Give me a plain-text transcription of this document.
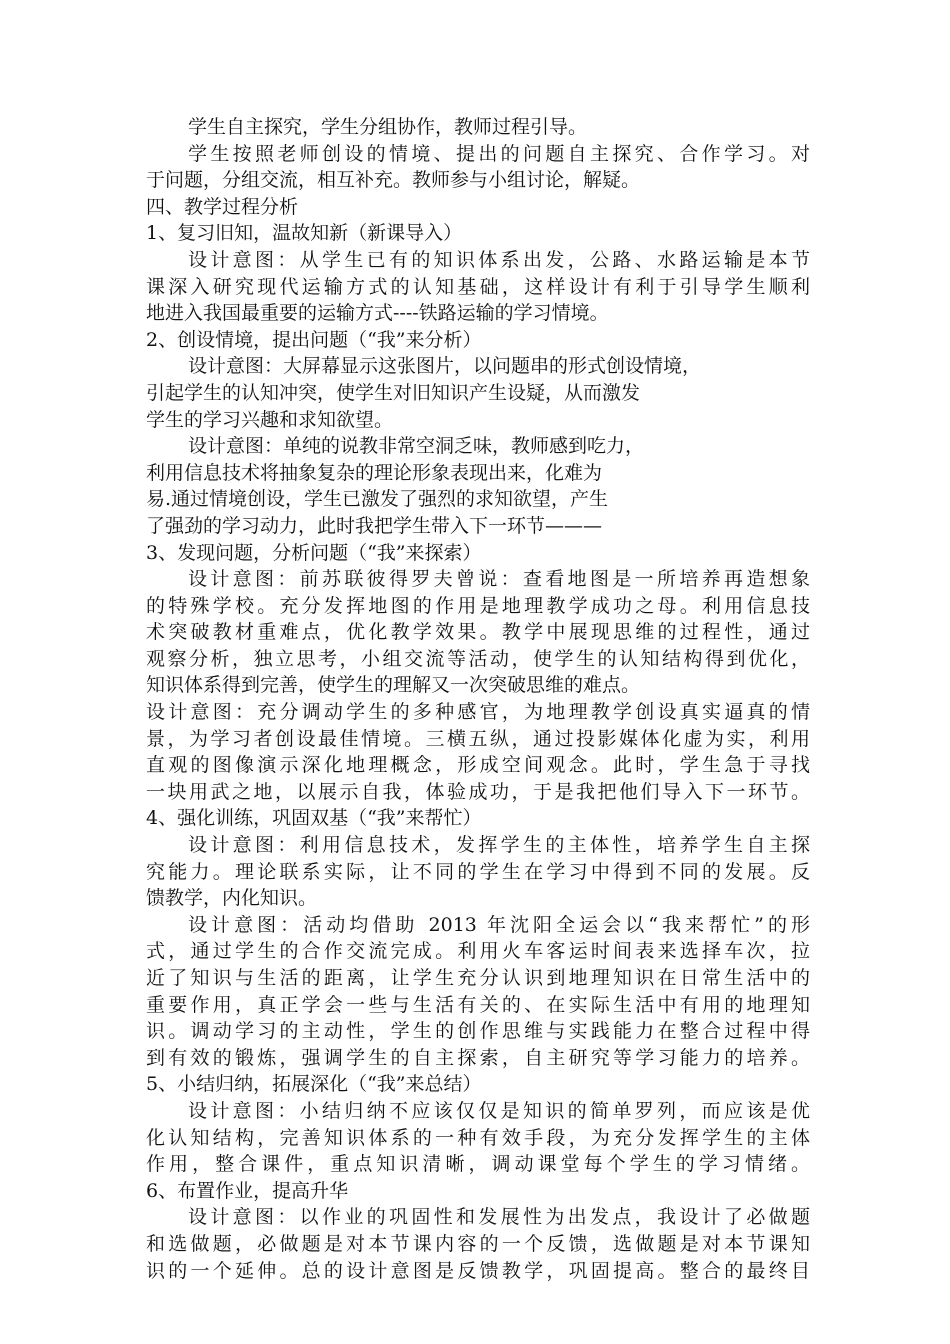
学生自主探究，学生分组协作，教师过程引导。
学生按照老师创设的情境、提出的问题自主探究、合作学习。对
于问题，分组交流，相互补充。教师参与小组讨论，解疑。
四、教学过程分析
1、复习旧知，温故知新（新课导入）
设计意图：从学生已有的知识体系出发，公路、水路运输是本节
课深入研究现代运输方式的认知基础，这样设计有利于引导学生顺利
地进入我国最重要的运输方式----铁路运输的学习情境。
2、创设情境，提出问题（“我”来分析）
设计意图：大屏幕显示这张图片，以问题串的形式创设情境，
引起学生的认知冲突，使学生对旧知识产生设疑，从而激发
学生的学习兴趣和求知欲望。
设计意图：单纯的说教非常空洞乏味，教师感到吃力，
利用信息技术将抽象复杂的理论形象表现出来，化难为
易.通过情境创设，学生已激发了强烈的求知欲望，产生
了强劲的学习动力，此时我把学生带入下一环节———
3、发现问题，分析问题（“我”来探索）
设计意图：前苏联彼得罗夫曾说：查看地图是一所培养再造想象
的特殊学校。充分发挥地图的作用是地理教学成功之母。利用信息技
术突破教材重难点，优化教学效果。教学中展现思维的过程性，通过
观察分析，独立思考，小组交流等活动，使学生的认知结构得到优化，
知识体系得到完善，使学生的理解又一次突破思维的难点。
设计意图：充分调动学生的多种感官，为地理教学创设真实逼真的情
景，为学习者创设最佳情境。三横五纵，通过投影媒体化虚为实，利用
直观的图像演示深化地理概念，形成空间观念。此时，学生急于寻找
一块用武之地，以展示自我，体验成功，于是我把他们导入下一环节。
4、强化训练，巩固双基（“我”来帮忙）
设计意图：利用信息技术，发挥学生的主体性，培养学生自主探
究能力。理论联系实际，让不同的学生在学习中得到不同的发展。反
馈教学，内化知识。
设计意图：活动均借助 2013 年沈阳全运会以“我来帮忙”的形
式，通过学生的合作交流完成。利用火车客运时间表来选择车次，拉
近了知识与生活的距离，让学生充分认识到地理知识在日常生活中的
重要作用，真正学会一些与生活有关的、在实际生活中有用的地理知
识。调动学习的主动性，学生的创作思维与实践能力在整合过程中得
到有效的锻炼，强调学生的自主探索，自主研究等学习能力的培养。
5、小结归纳，拓展深化（“我”来总结）
设计意图：小结归纳不应该仅仅是知识的简单罗列，而应该是优
化认知结构，完善知识体系的一种有效手段，为充分发挥学生的主体
作用，整合课件，重点知识清晰，调动课堂每个学生的学习情绪。
6、布置作业，提高升华
设计意图：以作业的巩固性和发展性为出发点，我设计了必做题
和选做题，必做题是对本节课内容的一个反馈，选做题是对本节课知
识的一个延伸。总的设计意图是反馈教学，巩固提高。整合的最终目
